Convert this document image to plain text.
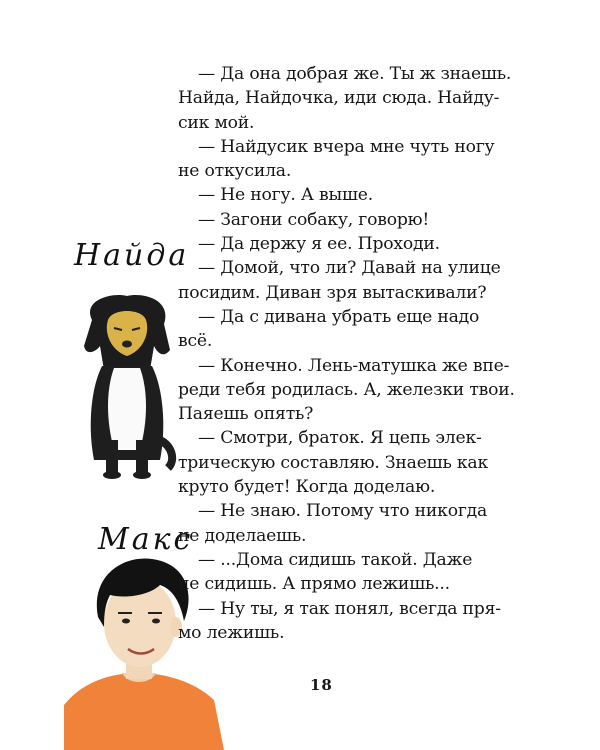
Найда
Макс
— Да она добрая же. Ты ж знаешь.
Найда, Найдочка, иди сюда. Найду-
сик мой.
— Найдусик вчера мне чуть ногу
не откусила.
— Не ногу. А выше.
— Загони собаку, говорю!
— Да держу я ее. Проходи.
— Домой, что ли? Давай на улице
посидим. Диван зря вытаскивали?
— Да с дивана убрать еще надо
всё.
— Конечно. Лень-матушка же впе-
реди тебя родилась. А, железки твои.
Паяешь опять?
— Смотри, браток. Я цепь элек-
трическую составляю. Знаешь как
круто будет! Когда доделаю.
— Не знаю. Потому что никогда
не доделаешь.
— ...Дома сидишь такой. Даже
не сидишь. А прямо лежишь...
— Ну ты, я так понял, всегда пря-
мо лежишь.
18
